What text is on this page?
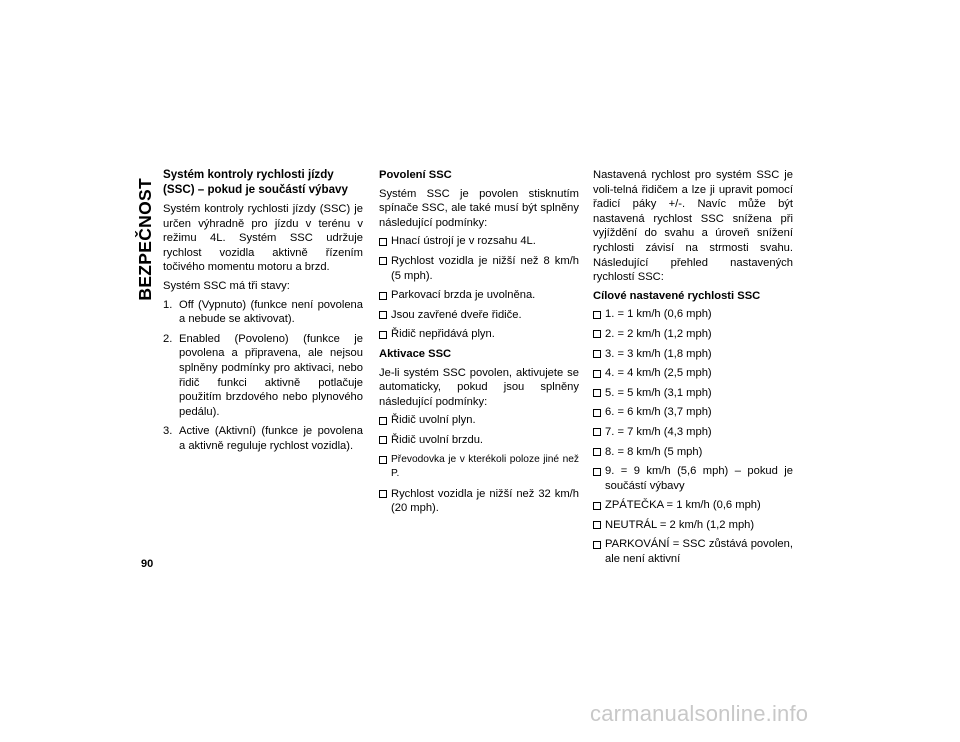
BEZPEČNOST

Systém kontroly rychlosti jízdy (SSC) – pokud je součástí výbavy

Systém kontroly rychlosti jízdy (SSC) je určen výhradně pro jízdu v terénu v režimu 4L. Systém SSC udržuje rychlost vozidla aktivně řízením točivého momentu motoru a brzd.

Systém SSC má tři stavy:

1. Off (Vypnuto) (funkce není povolena a nebude se aktivovat).
2. Enabled (Povoleno) (funkce je povolena a připravena, ale nejsou splněny podmínky pro aktivaci, nebo řidič funkci aktivně potlačuje použitím brzdového nebo plynového pedálu).
3. Active (Aktivní) (funkce je povolena a aktivně reguluje rychlost vozidla).

Povolení SSC

Systém SSC je povolen stisknutím spínače SSC, ale také musí být splněny následující podmínky:

Hnací ústrojí je v rozsahu 4L.
Rychlost vozidla je nižší než 8 km/h (5 mph).
Parkovací brzda je uvolněna.
Jsou zavřené dveře řidiče.
Řidič nepřidává plyn.

Aktivace SSC

Je-li systém SSC povolen, aktivujete se automaticky, pokud jsou splněny následující podmínky:

Řidič uvolní plyn.
Řidič uvolní brzdu.
Převodovka je v kterékoli poloze jiné než P.
Rychlost vozidla je nižší než 32 km/h (20 mph).

Nastavená rychlost pro systém SSC je voli-telná řidičem a lze ji upravit pomocí řadicí páky +/-. Navíc může být nastavená rychlost SSC snížena při vyjíždění do svahu a úroveň snížení rychlosti závisí na strmosti svahu. Následující přehled nastavených rychlostí SSC:

Cílové nastavené rychlosti SSC

1. = 1 km/h (0,6 mph)
2. = 2 km/h (1,2 mph)
3. = 3 km/h (1,8 mph)
4. = 4 km/h (2,5 mph)
5. = 5 km/h (3,1 mph)
6. = 6 km/h (3,7 mph)
7. = 7 km/h (4,3 mph)
8. = 8 km/h (5 mph)
9. = 9 km/h (5,6 mph) – pokud je součástí výbavy
ZPÁTEČKA = 1 km/h (0,6 mph)
NEUTRÁL = 2 km/h (1,2 mph)
PARKOVÁNÍ = SSC zůstává povolen, ale není aktivní
90
carmanualsonline.info
